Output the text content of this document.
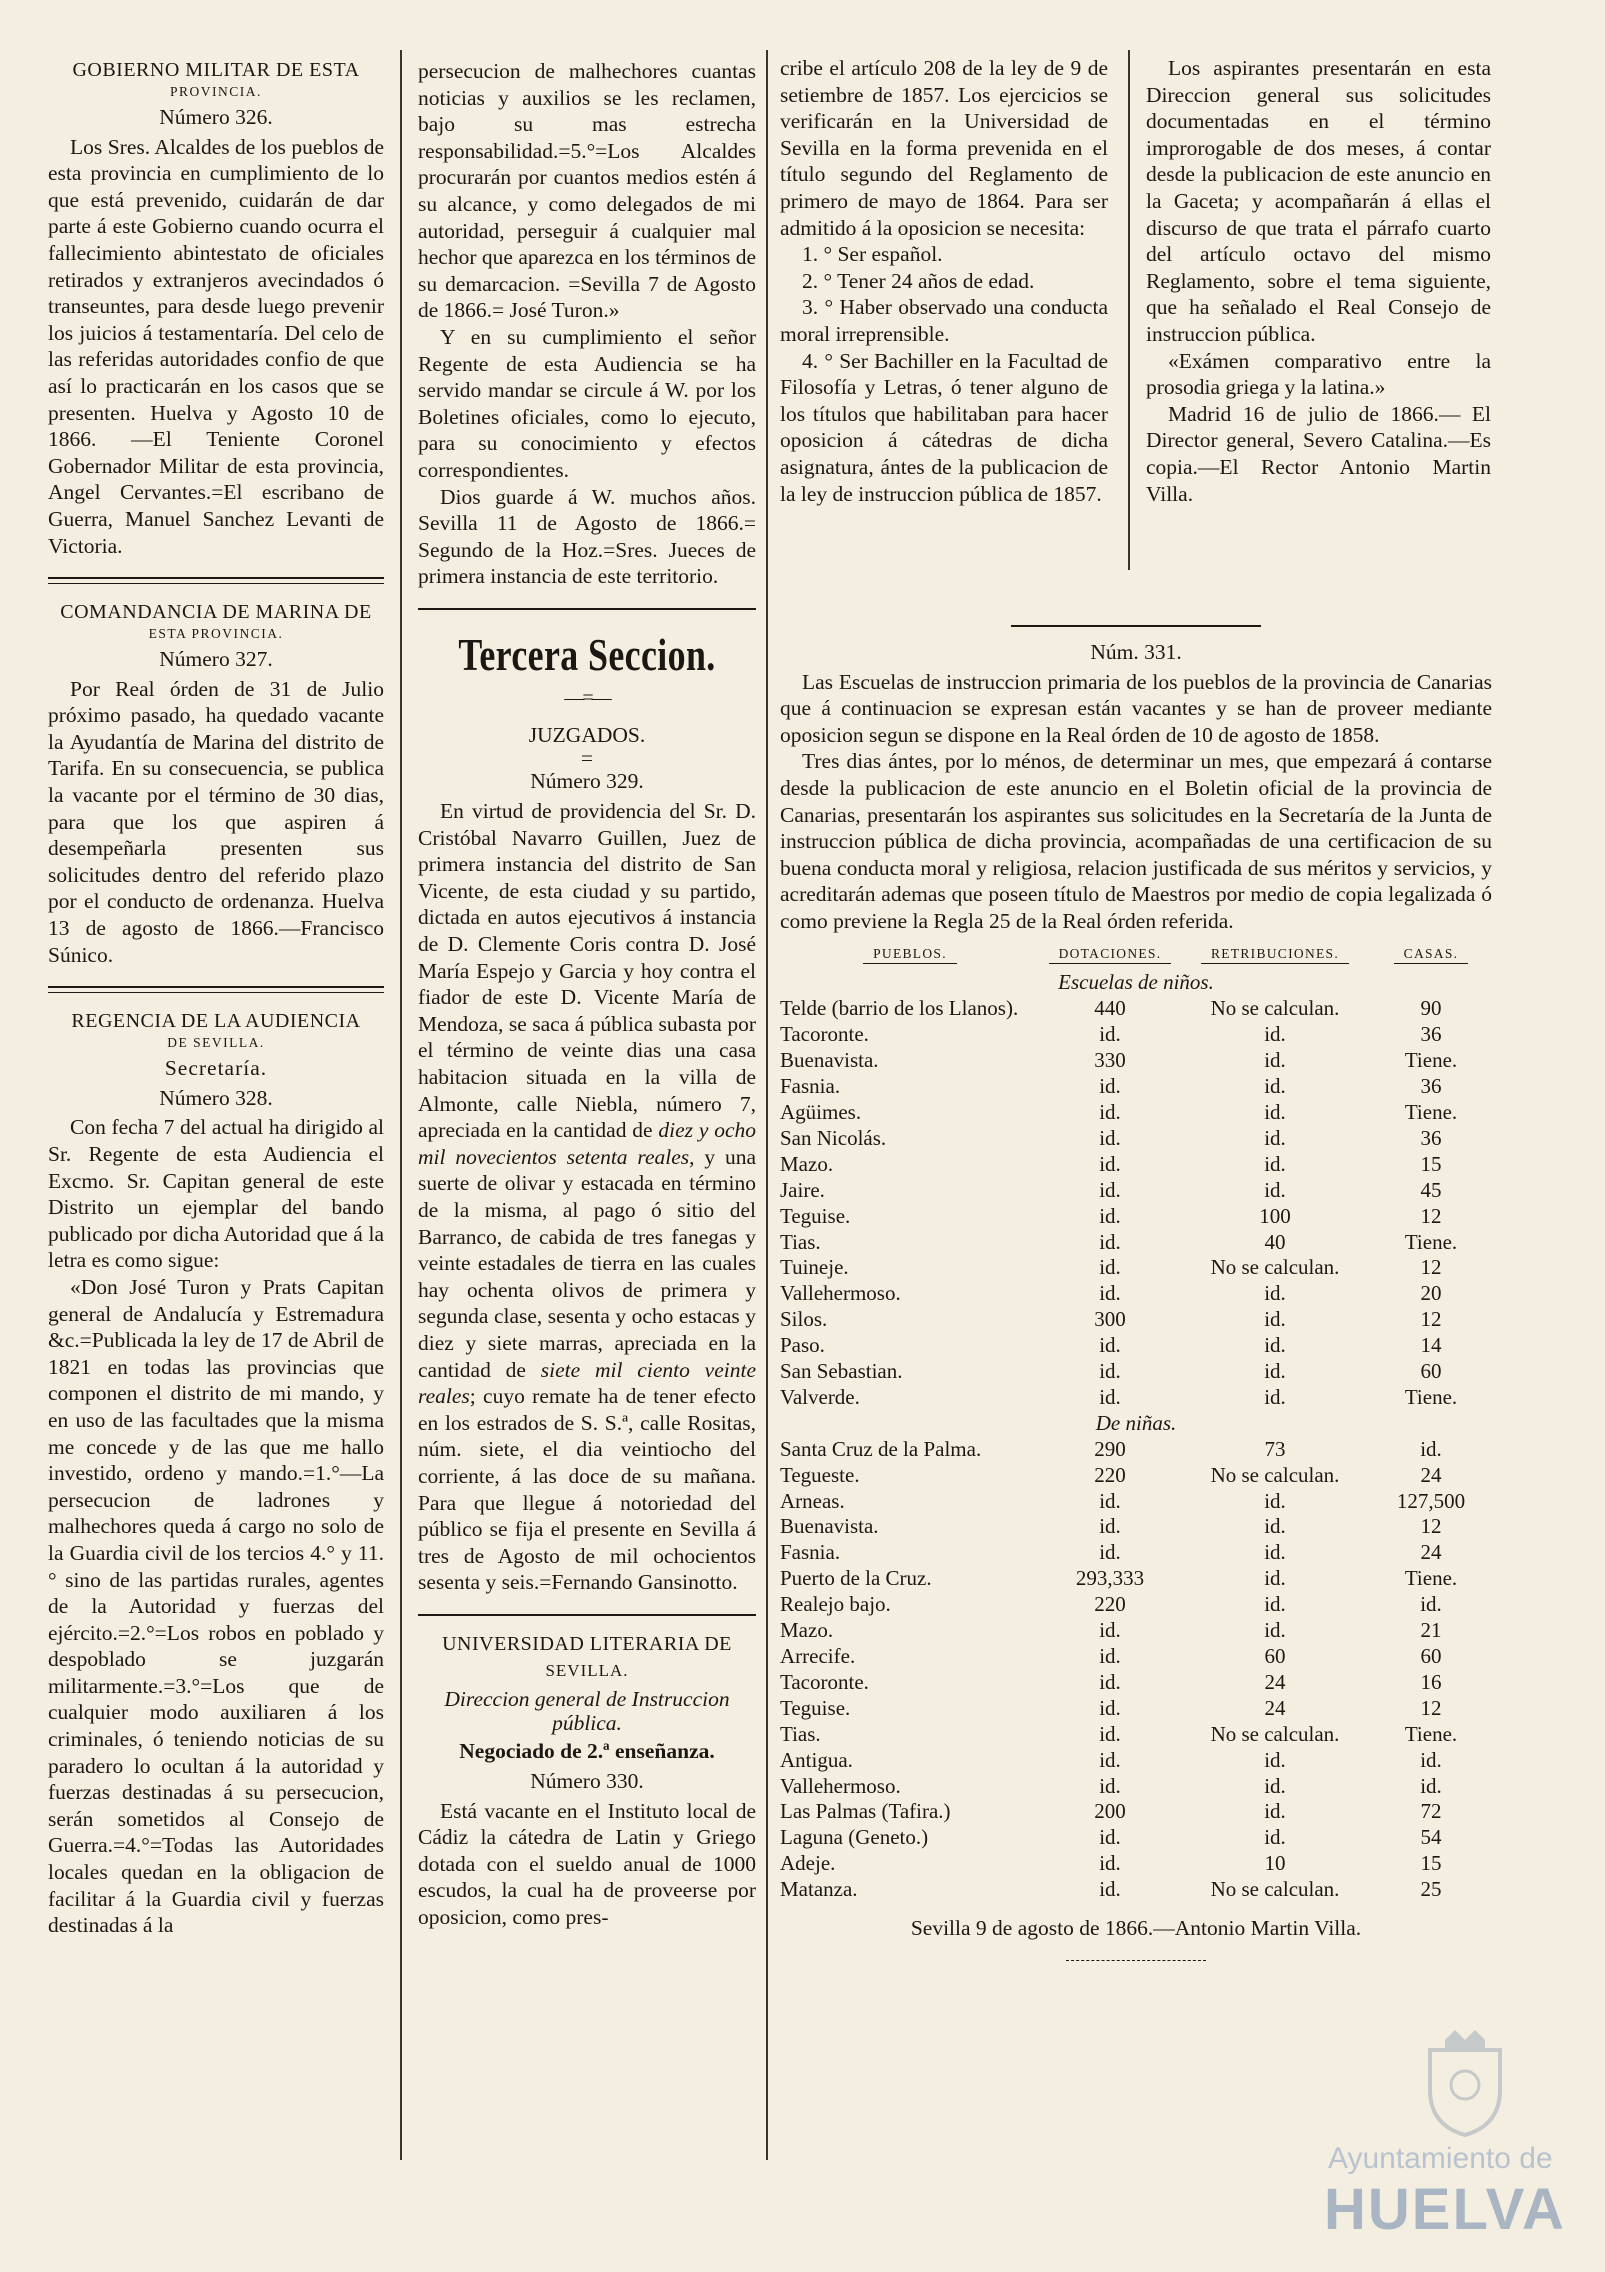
GOBIERNO MILITAR DE ESTA

PROVINCIA.

Número 326.

Los Sres. Alcaldes de los pueblos de esta provincia en cumplimiento de lo que está prevenido, cuidarán de dar parte á este Gobierno cuando ocurra el fallecimiento abintestato de oficiales retirados y extranjeros avecindados ó transeuntes, para desde luego prevenir los juicios á testamentaría. Del celo de las referidas autoridades confio de que así lo practicarán en los casos que se presenten. Huelva y Agosto 10 de 1866. —El Teniente Coronel Gobernador Militar de esta provincia, Angel Cervantes.=El escribano de Guerra, Manuel Sanchez Levanti de Victoria.

COMANDANCIA DE MARINA DE

ESTA PROVINCIA.

Número 327.

Por Real órden de 31 de Julio próximo pasado, ha quedado vacante la Ayudantía de Marina del distrito de Tarifa. En su consecuencia, se publica la vacante por el término de 30 dias, para que los que aspiren á desempeñarla presenten sus solicitudes dentro del referido plazo por el conducto de ordenanza. Huelva 13 de agosto de 1866.—Francisco Súnico.

REGENCIA DE LA AUDIENCIA

DE SEVILLA.

Secretaría.

Número 328.

Con fecha 7 del actual ha dirigido al Sr. Regente de esta Audiencia el Excmo. Sr. Capitan general de este Distrito un ejemplar del bando publicado por dicha Autoridad que á la letra es como sigue:

«Don José Turon y Prats Capitan general de Andalucía y Estremadura &c.=Publicada la ley de 17 de Abril de 1821 en todas las provincias que componen el distrito de mi mando, y en uso de las facultades que la misma me concede y de las que me hallo investido, ordeno y mando.=1.°—La persecucion de ladrones y malhechores queda á cargo no solo de la Guardia civil de los tercios 4.° y 11.° sino de las partidas rurales, agentes de la Autoridad y fuerzas del ejército.=2.°=Los robos en poblado y despoblado se juzgarán militarmente.=3.°=Los que de cualquier modo auxiliaren á los criminales, ó teniendo noticias de su paradero lo ocultan á la autoridad y fuerzas destinadas á su persecucion, serán sometidos al Consejo de Guerra.=4.°=Todas las Autoridades locales quedan en la obligacion de facilitar á la Guardia civil y fuerzas destinadas á la

persecucion de malhechores cuantas noticias y auxilios se les reclamen, bajo su mas estrecha responsabilidad.=5.°=Los Alcaldes procurarán por cuantos medios estén á su alcance, y como delegados de mi autoridad, perseguir á cualquier mal hechor que aparezca en los términos de su demarcacion. =Sevilla 7 de Agosto de 1866.= José Turon.»

Y en su cumplimiento el señor Regente de esta Audiencia se ha servido mandar se circule á W. por los Boletines oficiales, como lo ejecuto, para su conocimiento y efectos correspondientes.

Dios guarde á W. muchos años. Sevilla 11 de Agosto de 1866.= Segundo de la Hoz.=Sres. Jueces de primera instancia de este territorio.

Tercera Seccion.
—=—

JUZGADOS.

=

Número 329.

En virtud de providencia del Sr. D. Cristóbal Navarro Guillen, Juez de primera instancia del distrito de San Vicente, de esta ciudad y su partido, dictada en autos ejecutivos á instancia de D. Clemente Coris contra D. José María Espejo y Garcia y hoy contra el fiador de este D. Vicente María de Mendoza, se saca á pública subasta por el término de veinte dias una casa habitacion situada en la villa de Almonte, calle Niebla, número 7, apreciada en la cantidad de diez y ocho mil novecientos setenta reales, y una suerte de olivar y estacada en término de la misma, al pago ó sitio del Barranco, de cabida de tres fanegas y veinte estadales de tierra en las cuales hay ochenta olivos de primera y segunda clase, sesenta y ocho estacas y diez y siete marras, apreciada en la cantidad de siete mil ciento veinte reales; cuyo remate ha de tener efecto en los estrados de S. S.ª, calle Rositas, núm. siete, el dia veintiocho del corriente, á las doce de su mañana. Para que llegue á notoriedad del público se fija el presente en Sevilla á tres de Agosto de mil ochocientos sesenta y seis.=Fernando Gansinotto.

UNIVERSIDAD LITERARIA DE

SEVILLA.

Direccion general de Instruccion pública.

Negociado de 2.ª enseñanza.

Número 330.

Está vacante en el Instituto local de Cádiz la cátedra de Latin y Griego dotada con el sueldo anual de 1000 escudos, la cual ha de proveerse por oposicion, como pres-

cribe el artículo 208 de la ley de 9 de setiembre de 1857. Los ejercicios se verificarán en la Universidad de Sevilla en la forma prevenida en el título segundo del Reglamento de primero de mayo de 1864. Para ser admitido á la oposicion se necesita:

1. ° Ser español.

2. ° Tener 24 años de edad.

3. ° Haber observado una conducta moral irreprensible.

4. ° Ser Bachiller en la Facultad de Filosofía y Letras, ó tener alguno de los títulos que habilitaban para hacer oposicion á cátedras de dicha asignatura, ántes de la publicacion de la ley de instruccion pública de 1857.

Los aspirantes presentarán en esta Direccion general sus solicitudes documentadas en el término improrogable de dos meses, á contar desde la publicacion de este anuncio en la Gaceta; y acompañarán á ellas el discurso de que trata el párrafo cuarto del artículo octavo del mismo Reglamento, sobre el tema siguiente, que ha señalado el Real Consejo de instruccion pública.

«Exámen comparativo entre la prosodia griega y la latina.»

Madrid 16 de julio de 1866.— El Director general, Severo Catalina.—Es copia.—El Rector Antonio Martin Villa.

Núm. 331.

Las Escuelas de instruccion primaria de los pueblos de la provincia de Canarias que á continuacion se expresan están vacantes y se han de proveer mediante oposicion segun se dispone en la Real órden de 10 de agosto de 1858.

Tres dias ántes, por lo ménos, de determinar un mes, que empezará á contarse desde la publicacion de este anuncio en el Boletin oficial de la provincia de Canarias, presentarán los aspirantes sus solicitudes en la Secretaría de la Junta de instruccion pública de dicha provincia, acompañadas de una certificacion de su buena conducta moral y religiosa, relacion justificada de sus méritos y servicios, y acreditarán ademas que poseen título de Maestros por medio de copia legalizada ó como previene la Regla 25 de la Real órden referida.

PUEBLOS.	DOTACIONES.	RETRIBUCIONES.	CASAS.
Escuelas de niños.			
Telde (barrio de los Llanos).	440	No se calculan.	90
Tacoronte.	id.	id.	36
Buenavista.	330	id.	Tiene.
Fasnia.	id.	id.	36
Agüimes.	id.	id.	Tiene.
San Nicolás.	id.	id.	36
Mazo.	id.	id.	15
Jaire.	id.	id.	45
Teguise.	id.	100	12
Tias.	id.	40	Tiene.
Tuineje.	id.	No se calculan.	12
Vallehermoso.	id.	id.	20
Silos.	300	id.	12
Paso.	id.	id.	14
San Sebastian.	id.	id.	60
Valverde.	id.	id.	Tiene.
De niñas.			
Santa Cruz de la Palma.	290	73	id.
Tegueste.	220	No se calculan.	24
Arneas.	id.	id.	127,500
Buenavista.	id.	id.	12
Fasnia.	id.	id.	24
Puerto de la Cruz.	293,333	id.	Tiene.
Realejo bajo.	220	id.	id.
Mazo.	id.	id.	21
Arrecife.	id.	60	60
Tacoronte.	id.	24	16
Teguise.	id.	24	12
Tias.	id.	No se calculan.	Tiene.
Antigua.	id.	id.	id.
Vallehermoso.	id.	id.	id.
Las Palmas (Tafira.)	200	id.	72
Laguna (Geneto.)	id.	id.	54
Adeje.	id.	10	15
Matanza.	id.	No se calculan.	25

Sevilla 9 de agosto de 1866.—Antonio Martin Villa.

Ayuntamiento de
HUELVA
